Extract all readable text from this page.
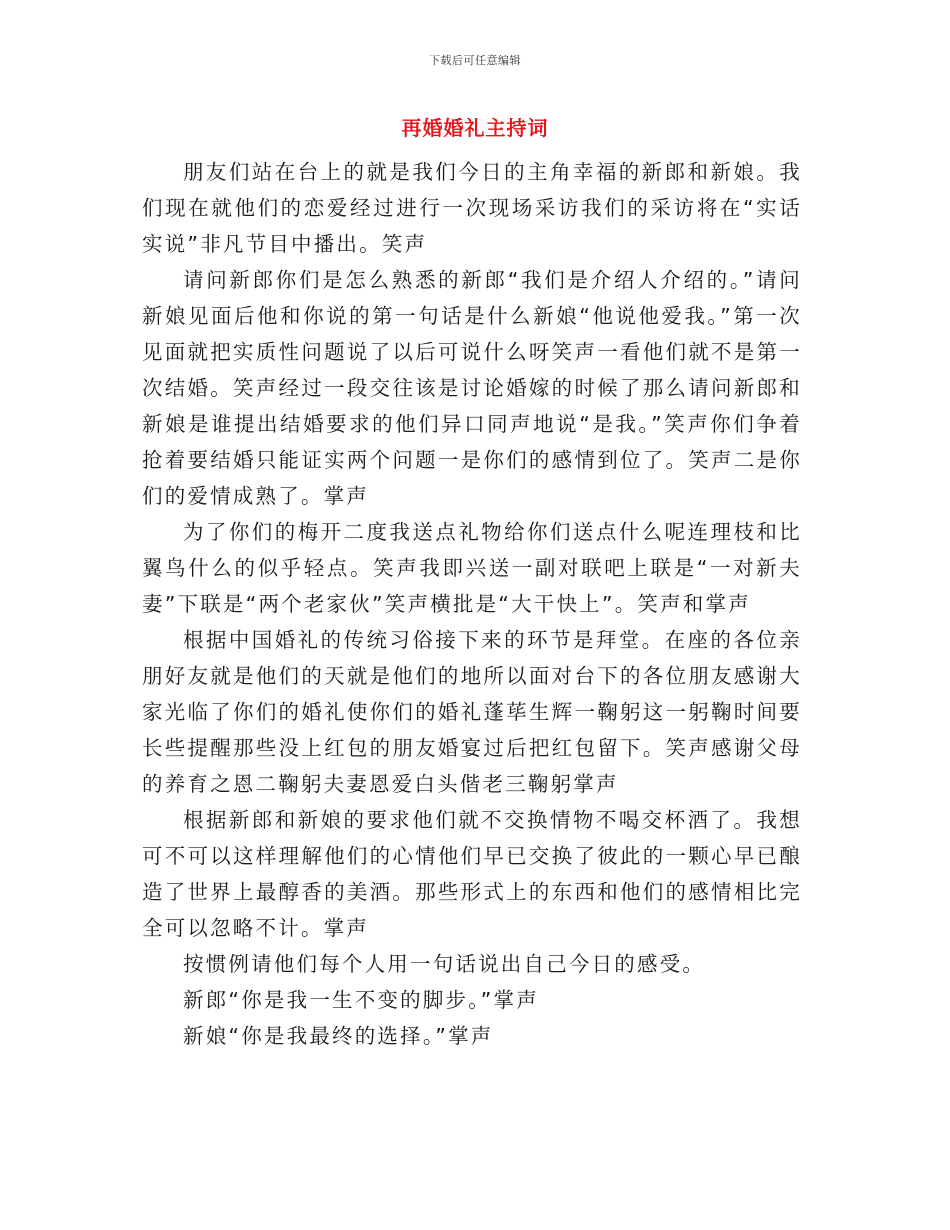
下载后可任意编辑
再婚婚礼主持词

朋友们站在台上的就是我们今日的主角幸福的新郎和新娘。我们现在就他们的恋爱经过进行一次现场采访我们的采访将在“实话实说”非凡节目中播出。笑声

请问新郎你们是怎么熟悉的新郎“我们是介绍人介绍的。”请问新娘见面后他和你说的第一句话是什么新娘“他说他爱我。”第一次见面就把实质性问题说了以后可说什么呀笑声一看他们就不是第一次结婚。笑声经过一段交往该是讨论婚嫁的时候了那么请问新郎和新娘是谁提出结婚要求的他们异口同声地说“是我。”笑声你们争着抢着要结婚只能证实两个问题一是你们的感情到位了。笑声二是你们的爱情成熟了。掌声

为了你们的梅开二度我送点礼物给你们送点什么呢连理枝和比翼鸟什么的似乎轻点。笑声我即兴送一副对联吧上联是“一对新夫妻”下联是“两个老家伙”笑声横批是“大干快上”。笑声和掌声

根据中国婚礼的传统习俗接下来的环节是拜堂。在座的各位亲朋好友就是他们的天就是他们的地所以面对台下的各位朋友感谢大家光临了你们的婚礼使你们的婚礼蓬荜生辉一鞠躬这一躬鞠时间要长些提醒那些没上红包的朋友婚宴过后把红包留下。笑声感谢父母的养育之恩二鞠躬夫妻恩爱白头偕老三鞠躬掌声

根据新郎和新娘的要求他们就不交换情物不喝交杯酒了。我想可不可以这样理解他们的心情他们早已交换了彼此的一颗心早已酿造了世界上最醇香的美酒。那些形式上的东西和他们的感情相比完全可以忽略不计。掌声

按惯例请他们每个人用一句话说出自己今日的感受。

新郎“你是我一生不变的脚步。”掌声

新娘“你是我最终的选择。”掌声
